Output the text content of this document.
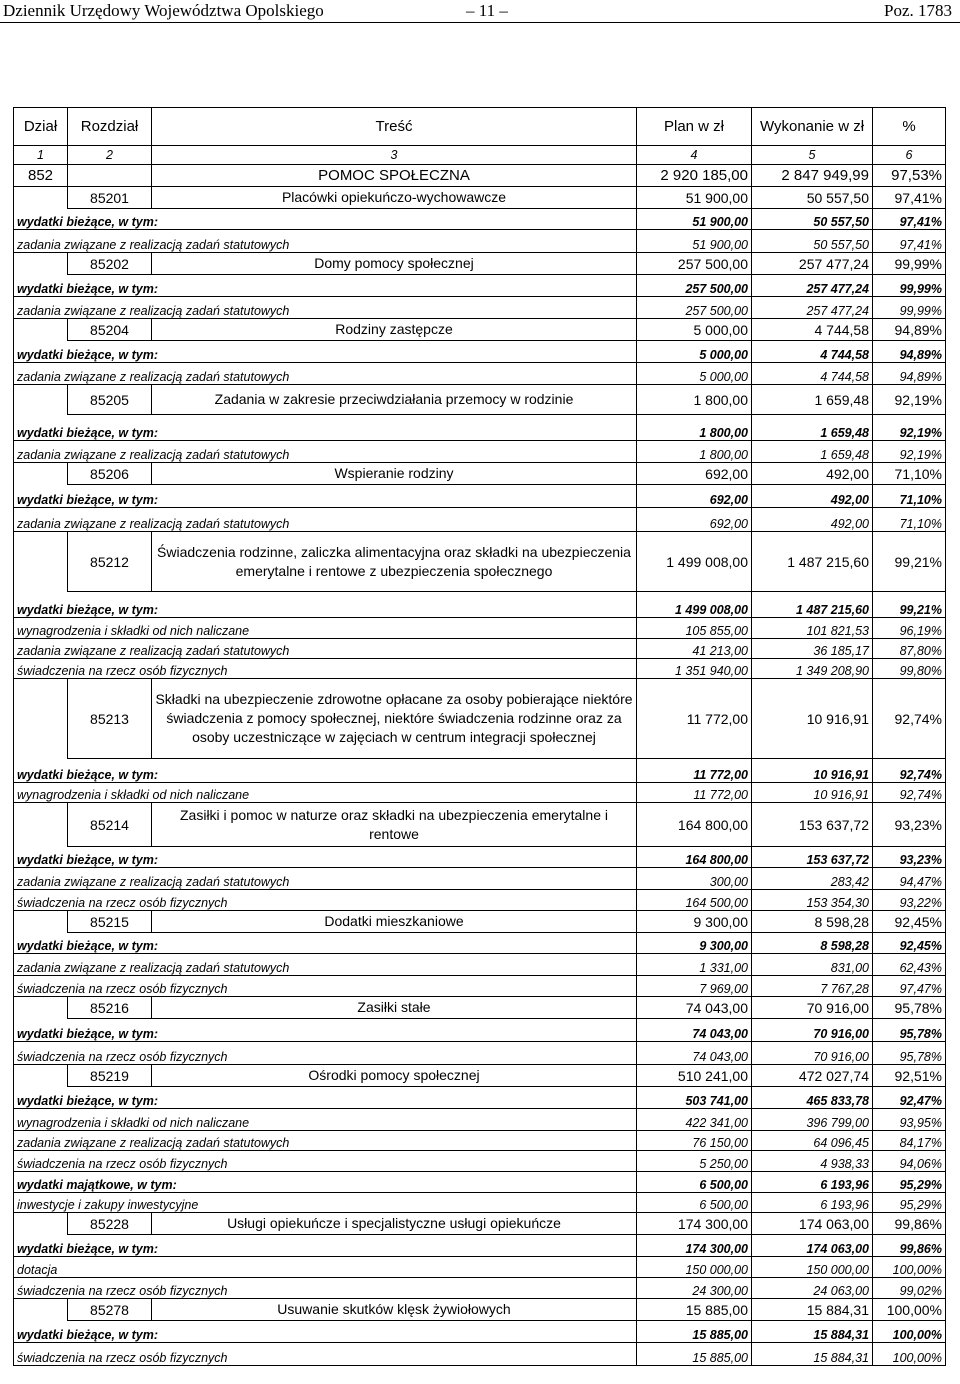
Dziennik Urzędowy Województwa Opolskiego	– 11 –	Poz. 1783
Dział	Rozdział	Treść	Plan w zł	Wykonanie w zł	%
1	2	3	4	5	6
852		POMOC SPOŁECZNA	2 920 185,00	2 847 949,99	97,53%
	85201	Placówki opiekuńczo-wychowawcze	51 900,00	50 557,50	97,41%
wydatki bieżące, w tym:			51 900,00	50 557,50	97,41%
zadania związane z realizacją zadań statutowych			51 900,00	50 557,50	97,41%
	85202	Domy pomocy społecznej	257 500,00	257 477,24	99,99%
wydatki bieżące, w tym:			257 500,00	257 477,24	99,99%
zadania związane z realizacją zadań statutowych			257 500,00	257 477,24	99,99%
	85204	Rodziny zastępcze	5 000,00	4 744,58	94,89%
wydatki bieżące, w tym:			5 000,00	4 744,58	94,89%
zadania związane z realizacją zadań statutowych			5 000,00	4 744,58	94,89%
	85205	Zadania w zakresie przeciwdziałania przemocy w rodzinie	1 800,00	1 659,48	92,19%
wydatki bieżące, w tym:			1 800,00	1 659,48	92,19%
zadania związane z realizacją zadań statutowych			1 800,00	1 659,48	92,19%
	85206	Wspieranie rodziny	692,00	492,00	71,10%
wydatki bieżące, w tym:			692,00	492,00	71,10%
zadania związane z realizacją zadań statutowych			692,00	492,00	71,10%
	85212	Świadczenia rodzinne, zaliczka alimentacyjna oraz składki na ubezpieczenia emerytalne i rentowe z ubezpieczenia społecznego	1 499 008,00	1 487 215,60	99,21%
wydatki bieżące, w tym:			1 499 008,00	1 487 215,60	99,21%
wynagrodzenia i składki od nich naliczane			105 855,00	101 821,53	96,19%
zadania związane z realizacją zadań statutowych			41 213,00	36 185,17	87,80%
świadczenia na rzecz osób fizycznych			1 351 940,00	1 349 208,90	99,80%
	85213	Składki na ubezpieczenie zdrowotne opłacane za osoby pobierające niektóre świadczenia z pomocy społecznej, niektóre świadczenia rodzinne oraz za osoby uczestniczące w zajęciach w centrum integracji społecznej	11 772,00	10 916,91	92,74%
wydatki bieżące, w tym:			11 772,00	10 916,91	92,74%
wynagrodzenia i składki od nich naliczane			11 772,00	10 916,91	92,74%
	85214	Zasiłki i pomoc w naturze oraz składki na ubezpieczenia emerytalne i rentowe	164 800,00	153 637,72	93,23%
wydatki bieżące, w tym:			164 800,00	153 637,72	93,23%
zadania związane z realizacją zadań statutowych			300,00	283,42	94,47%
świadczenia na rzecz osób fizycznych			164 500,00	153 354,30	93,22%
	85215	Dodatki mieszkaniowe	9 300,00	8 598,28	92,45%
wydatki bieżące, w tym:			9 300,00	8 598,28	92,45%
zadania związane z realizacją zadań statutowych			1 331,00	831,00	62,43%
świadczenia na rzecz osób fizycznych			7 969,00	7 767,28	97,47%
	85216	Zasiłki stałe	74 043,00	70 916,00	95,78%
wydatki bieżące, w tym:			74 043,00	70 916,00	95,78%
świadczenia na rzecz osób fizycznych			74 043,00	70 916,00	95,78%
	85219	Ośrodki pomocy społecznej	510 241,00	472 027,74	92,51%
wydatki bieżące, w tym:			503 741,00	465 833,78	92,47%
wynagrodzenia i składki od nich naliczane			422 341,00	396 799,00	93,95%
zadania związane z realizacją zadań statutowych			76 150,00	64 096,45	84,17%
świadczenia na rzecz osób fizycznych			5 250,00	4 938,33	94,06%
wydatki majątkowe, w tym:			6 500,00	6 193,96	95,29%
inwestycje i zakupy inwestycyjne			6 500,00	6 193,96	95,29%
	85228	Usługi opiekuńcze i specjalistyczne usługi opiekuńcze	174 300,00	174 063,00	99,86%
wydatki bieżące, w tym:			174 300,00	174 063,00	99,86%
dotacja			150 000,00	150 000,00	100,00%
świadczenia na rzecz osób fizycznych			24 300,00	24 063,00	99,02%
	85278	Usuwanie skutków klęsk żywiołowych	15 885,00	15 884,31	100,00%
wydatki bieżące, w tym:			15 885,00	15 884,31	100,00%
świadczenia na rzecz osób fizycznych			15 885,00	15 884,31	100,00%
